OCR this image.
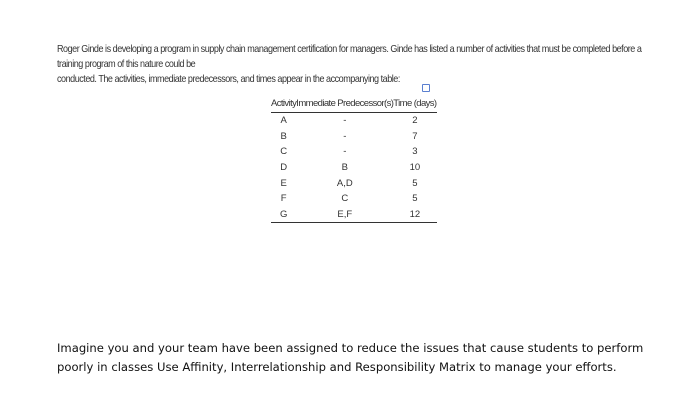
Roger Ginde is developing a program in supply chain management certification for managers. Ginde has listed a number of activities that must be completed before a training program of this nature could be
conducted. The activities, immediate predecessors, and times appear in the accompanying table:
Activity	Immediate Predecessor(s)	Time (days)
A	-	2
B	-	7
C	-	3
D	B	10
E	A,D	5
F	C	5
G	E,F	12
Imagine you and your team have been assigned to reduce the issues that cause students to perform
poorly in classes Use Affinity, Interrelationship and Responsibility Matrix to manage your efforts.
